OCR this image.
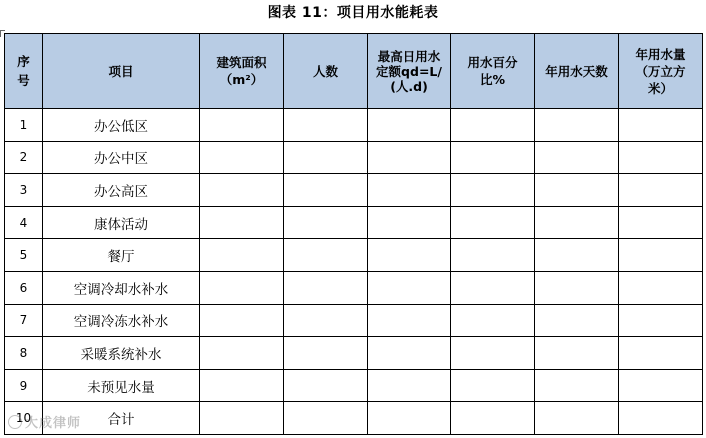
图表 11：项目用水能耗表
序号	项目	建筑面积（m²）	人数	最高日用水定额qd=L/(人.d)	用水百分比%	年用水天数	年用水量（万立方米）

1	办公低区						
2	办公中区						
3	办公高区						
4	康体活动						
5	餐厅						
6	空调冷却水补水						
7	空调冷冻水补水						
8	采暖系统补水						
9	未预见水量						
10	合计						
大成律师
